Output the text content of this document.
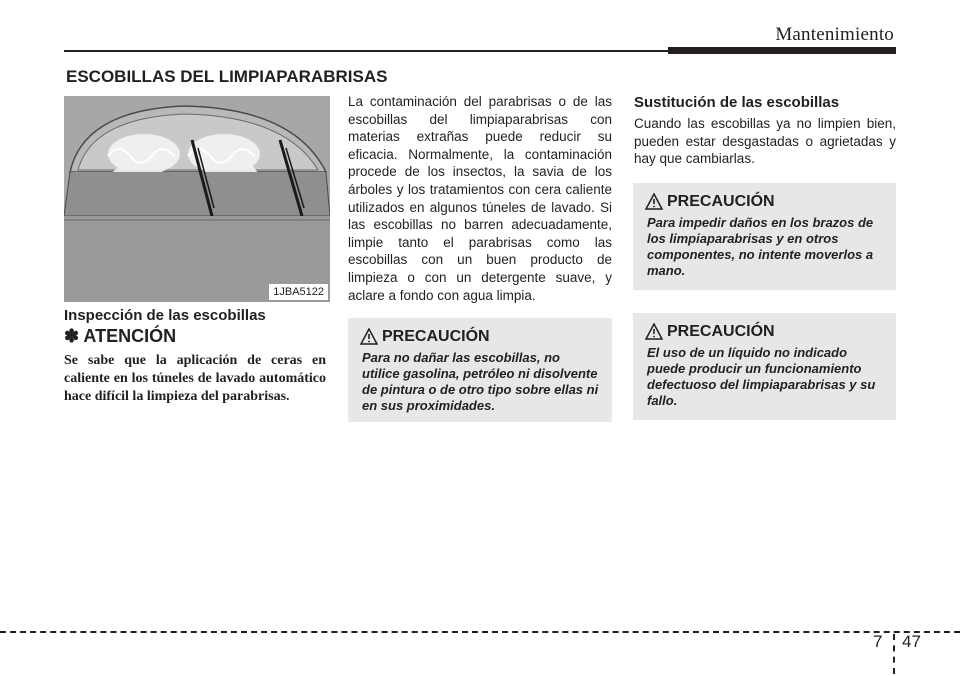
Mantenimiento
ESCOBILLAS DEL LIMPIAPARABRISAS
1JBA5122
Inspección de las escobillas
✽ ATENCIÓN
Se sabe que la aplicación de ceras en caliente en los túneles de lavado automático hace difícil la limpieza del parabrisas.
La contaminación del parabrisas o de las escobillas del limpiaparabrisas con materias extrañas puede reducir su eficacia. Normalmente, la contaminación procede de los insectos, la savia de los árboles y los tratamientos con cera caliente utilizados en algunos túneles de lavado. Si las escobillas no barren adecuadamente, limpie tanto el parabrisas como las escobillas con un buen producto de limpieza o con un detergente suave, y aclare a fondo con agua limpia.
PRECAUCIÓN
Para no dañar las escobillas, no utilice gasolina, petróleo ni disolvente de pintura o de otro tipo sobre ellas ni en sus proximidades.
Sustitución de las escobillas
Cuando las escobillas ya no limpien bien, pueden estar desgastadas o agrietadas y hay que cambiarlas.
PRECAUCIÓN
Para impedir daños en los brazos de los limpiaparabrisas y en otros componentes, no intente moverlos a mano.
PRECAUCIÓN
El uso de un líquido no indicado puede producir un funcionamiento defectuoso del limpiaparabrisas y su fallo.
7 47
